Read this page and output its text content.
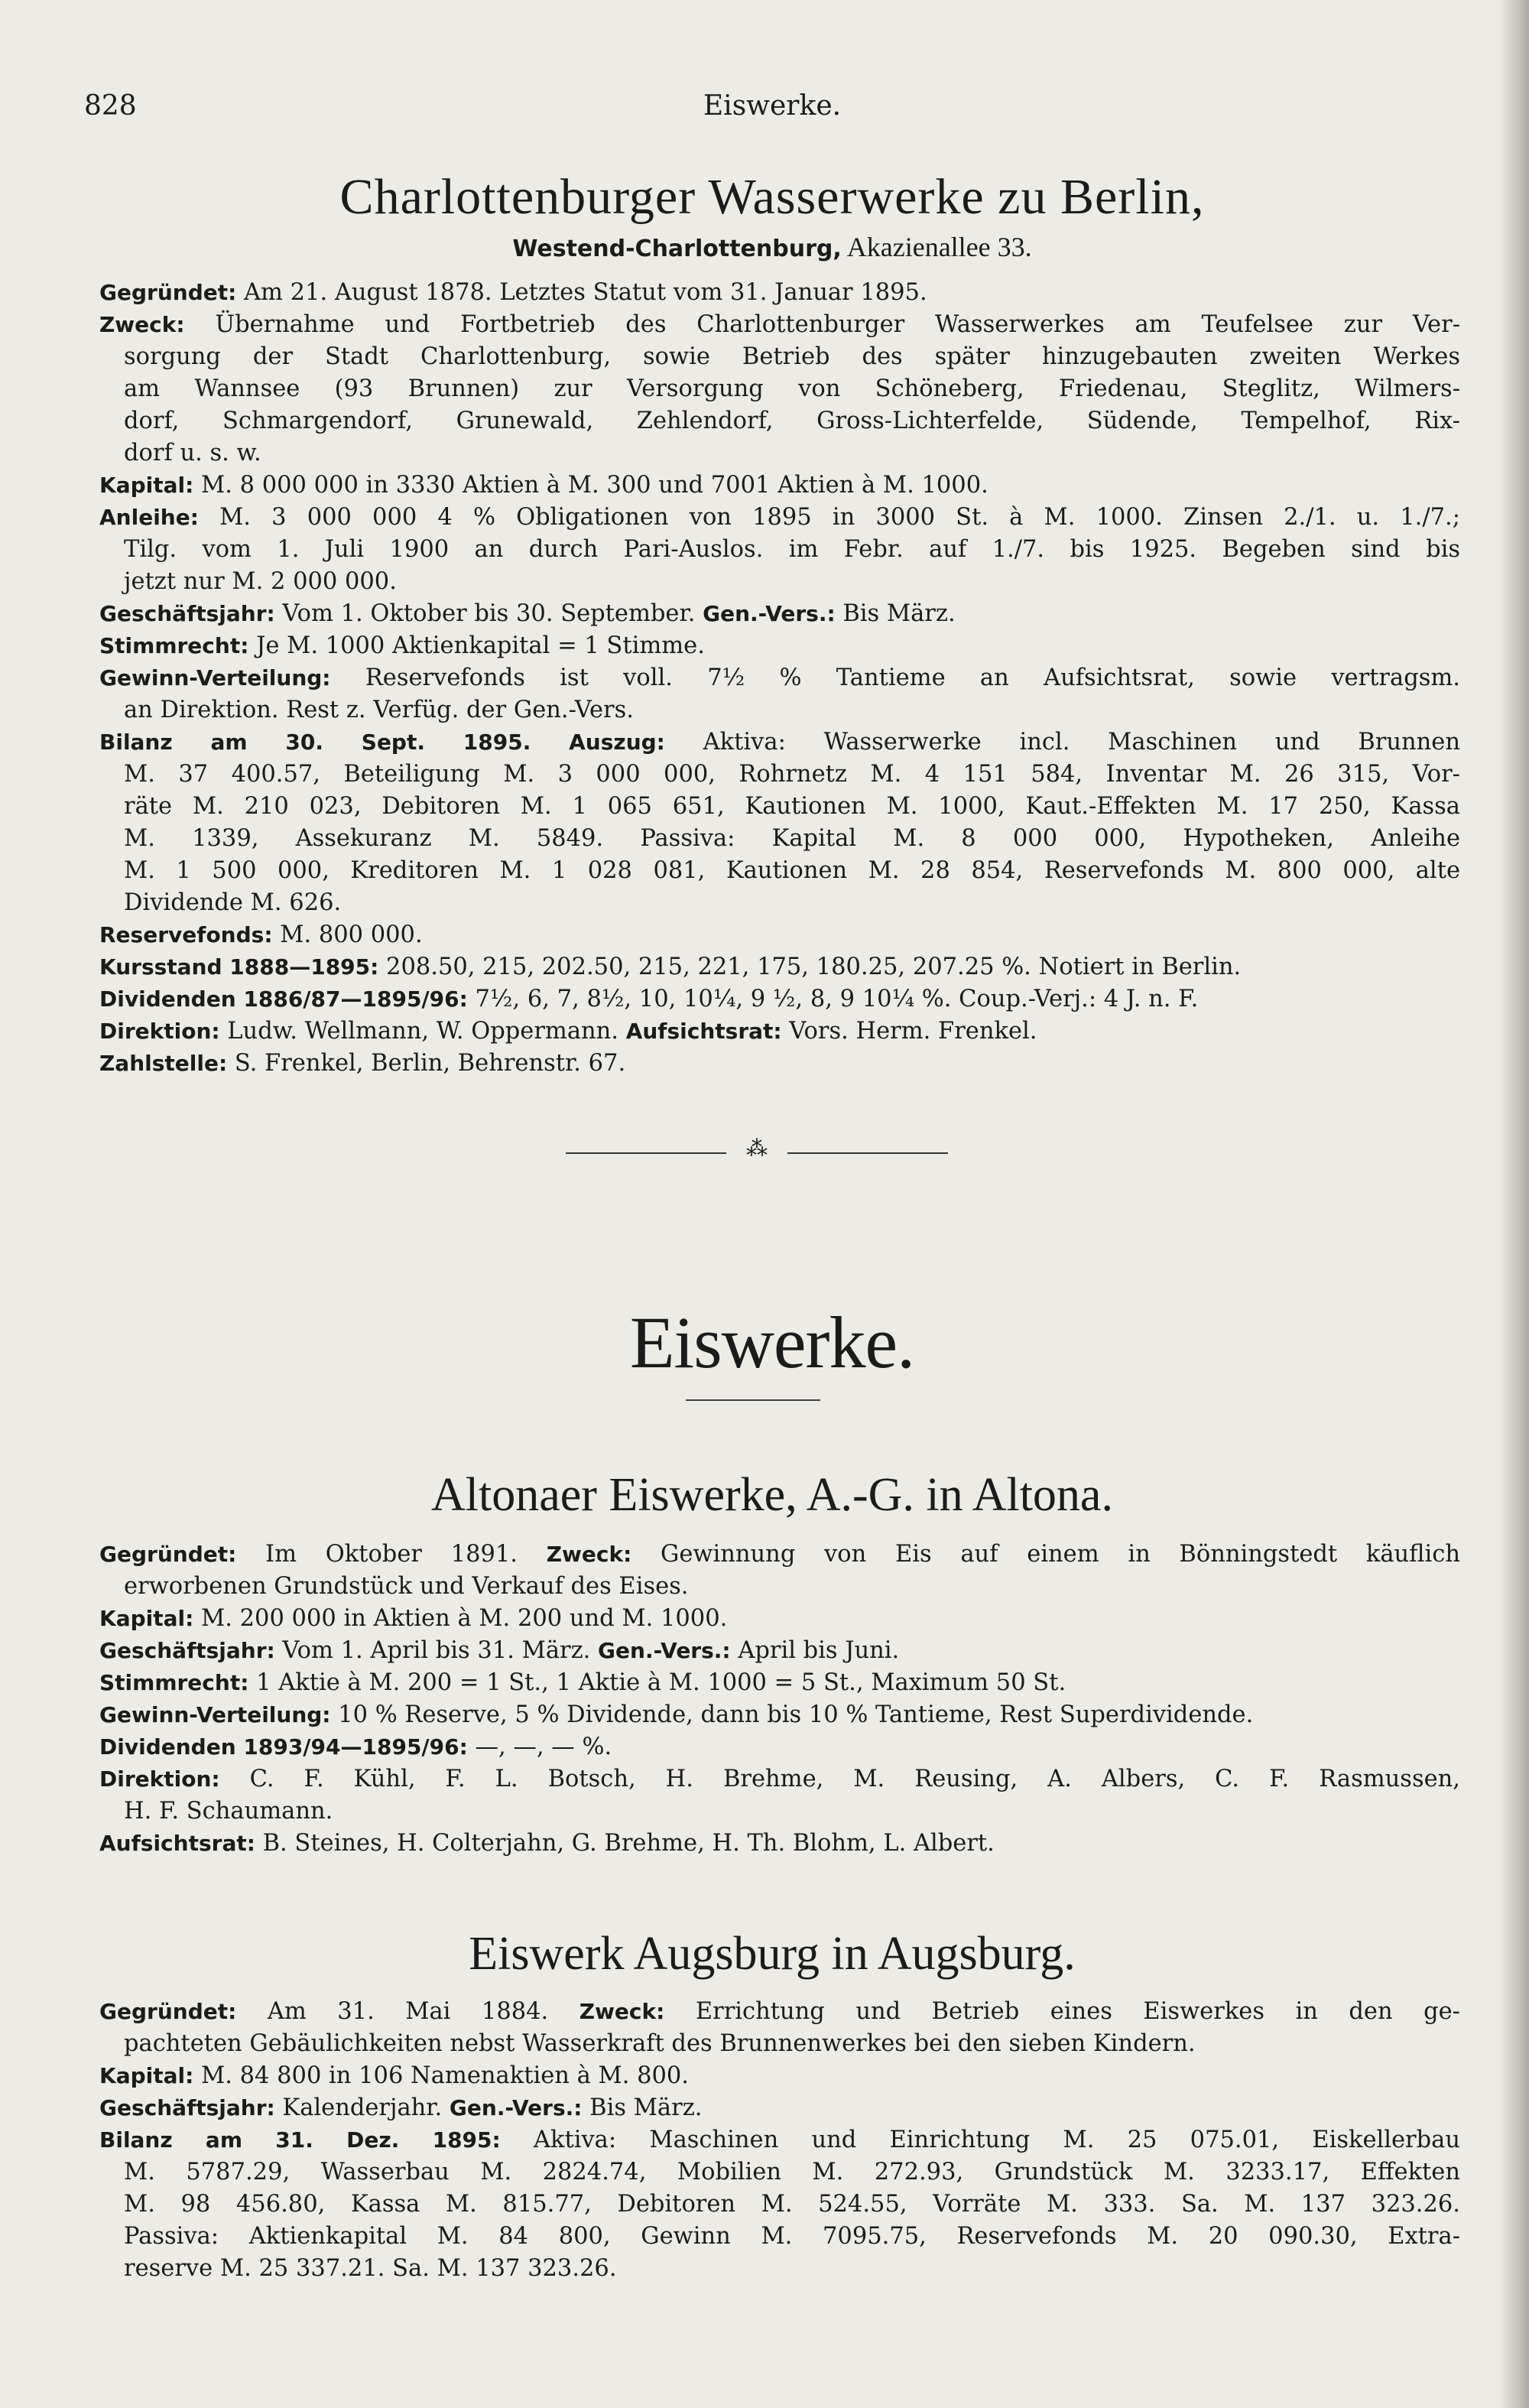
828	Eiswerke.
Charlottenburger Wasserwerke zu Berlin,
Westend-Charlottenburg, Akazienallee 33.
Gegründet: Am 21. August 1878. Letztes Statut vom 31. Januar 1895.
Zweck: Übernahme und Fortbetrieb des Charlottenburger Wasserwerkes am Teufelsee zur Ver-
sorgung der Stadt Charlottenburg, sowie Betrieb des später hinzugebauten zweiten Werkes
am Wannsee (93 Brunnen) zur Versorgung von Schöneberg, Friedenau, Steglitz, Wilmers-
dorf, Schmargendorf, Grunewald, Zehlendorf, Gross-Lichterfelde, Südende, Tempelhof, Rix-
dorf u. s. w.
Kapital: M. 8 000 000 in 3330 Aktien à M. 300 und 7001 Aktien à M. 1000.
Anleihe: M. 3 000 000 4 % Obligationen von 1895 in 3000 St. à M. 1000. Zinsen 2./1. u. 1./7.;
Tilg. vom 1. Juli 1900 an durch Pari-Auslos. im Febr. auf 1./7. bis 1925. Begeben sind bis
jetzt nur M. 2 000 000.
Geschäftsjahr: Vom 1. Oktober bis 30. September. Gen.-Vers.: Bis März.
Stimmrecht: Je M. 1000 Aktienkapital = 1 Stimme.
Gewinn-Verteilung: Reservefonds ist voll. 7½ % Tantieme an Aufsichtsrat, sowie vertragsm.
an Direktion. Rest z. Verfüg. der Gen.-Vers.
Bilanz am 30. Sept. 1895. Auszug: Aktiva: Wasserwerke incl. Maschinen und Brunnen
M. 37 400.57, Beteiligung M. 3 000 000, Rohrnetz M. 4 151 584, Inventar M. 26 315, Vor-
räte M. 210 023, Debitoren M. 1 065 651, Kautionen M. 1000, Kaut.-Effekten M. 17 250, Kassa
M. 1339, Assekuranz M. 5849. Passiva: Kapital M. 8 000 000, Hypotheken, Anleihe
M. 1 500 000, Kreditoren M. 1 028 081, Kautionen M. 28 854, Reservefonds M. 800 000, alte
Dividende M. 626.
Reservefonds: M. 800 000.
Kursstand 1888—1895: 208.50, 215, 202.50, 215, 221, 175, 180.25, 207.25 %. Notiert in Berlin.
Dividenden 1886/87—1895/96: 7½, 6, 7, 8½, 10, 10¼, 9 ½, 8, 9 10¼ %. Coup.-Verj.: 4 J. n. F.
Direktion: Ludw. Wellmann, W. Oppermann. Aufsichtsrat: Vors. Herm. Frenkel.
Zahlstelle: S. Frenkel, Berlin, Behrenstr. 67.
⁂
Eiswerke.
Altonaer Eiswerke, A.-G. in Altona.
Gegründet: Im Oktober 1891. Zweck: Gewinnung von Eis auf einem in Bönningstedt käuflich
erworbenen Grundstück und Verkauf des Eises.
Kapital: M. 200 000 in Aktien à M. 200 und M. 1000.
Geschäftsjahr: Vom 1. April bis 31. März. Gen.-Vers.: April bis Juni.
Stimmrecht: 1 Aktie à M. 200 = 1 St., 1 Aktie à M. 1000 = 5 St., Maximum 50 St.
Gewinn-Verteilung: 10 % Reserve, 5 % Dividende, dann bis 10 % Tantieme, Rest Superdividende.
Dividenden 1893/94—1895/96: —, —, — %.
Direktion: C. F. Kühl, F. L. Botsch, H. Brehme, M. Reusing, A. Albers, C. F. Rasmussen,
H. F. Schaumann.
Aufsichtsrat: B. Steines, H. Colterjahn, G. Brehme, H. Th. Blohm, L. Albert.
Eiswerk Augsburg in Augsburg.
Gegründet: Am 31. Mai 1884. Zweck: Errichtung und Betrieb eines Eiswerkes in den ge-
pachteten Gebäulichkeiten nebst Wasserkraft des Brunnenwerkes bei den sieben Kindern.
Kapital: M. 84 800 in 106 Namenaktien à M. 800.
Geschäftsjahr: Kalenderjahr. Gen.-Vers.: Bis März.
Bilanz am 31. Dez. 1895: Aktiva: Maschinen und Einrichtung M. 25 075.01, Eiskellerbau
M. 5787.29, Wasserbau M. 2824.74, Mobilien M. 272.93, Grundstück M. 3233.17, Effekten
M. 98 456.80, Kassa M. 815.77, Debitoren M. 524.55, Vorräte M. 333. Sa. M. 137 323.26.
Passiva: Aktienkapital M. 84 800, Gewinn M. 7095.75, Reservefonds M. 20 090.30, Extra-
reserve M. 25 337.21. Sa. M. 137 323.26.
